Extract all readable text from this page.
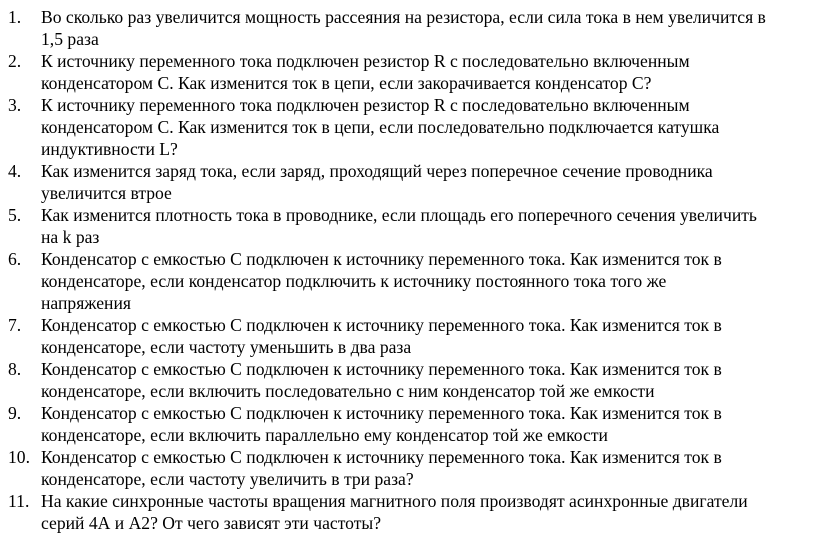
1. Во сколько раз увеличится мощность рассеяния на резистора, если сила тока в нем увеличится в
1,5 раза
2. К источнику переменного тока подключен резистор R с последовательно включенным
конденсатором С. Как изменится ток в цепи, если закорачивается конденсатор С?
3. К источнику переменного тока подключен резистор R с последовательно включенным
конденсатором С. Как изменится ток в цепи, если последовательно подключается катушка
индуктивности L?
4. Как изменится заряд тока, если заряд, проходящий через поперечное сечение проводника
увеличится втрое
5. Как изменится плотность тока в проводнике, если площадь его поперечного сечения увеличить
на k раз
6. Конденсатор с емкостью С подключен к источнику переменного тока. Как изменится ток в
конденсаторе, если конденсатор подключить к источнику постоянного тока того же
напряжения
7. Конденсатор с емкостью С подключен к источнику переменного тока. Как изменится ток в
конденсаторе, если частоту уменьшить в два раза
8. Конденсатор с емкостью С подключен к источнику переменного тока. Как изменится ток в
конденсаторе, если включить последовательно с ним конденсатор той же емкости
9. Конденсатор с емкостью С подключен к источнику переменного тока. Как изменится ток в
конденсаторе, если включить параллельно ему конденсатор той же емкости
10. Конденсатор с емкостью С подключен к источнику переменного тока. Как изменится ток в
конденсаторе, если частоту увеличить в три раза?
11. На какие синхронные частоты вращения магнитного поля производят асинхронные двигатели
серий 4А и А2? От чего зависят эти частоты?
